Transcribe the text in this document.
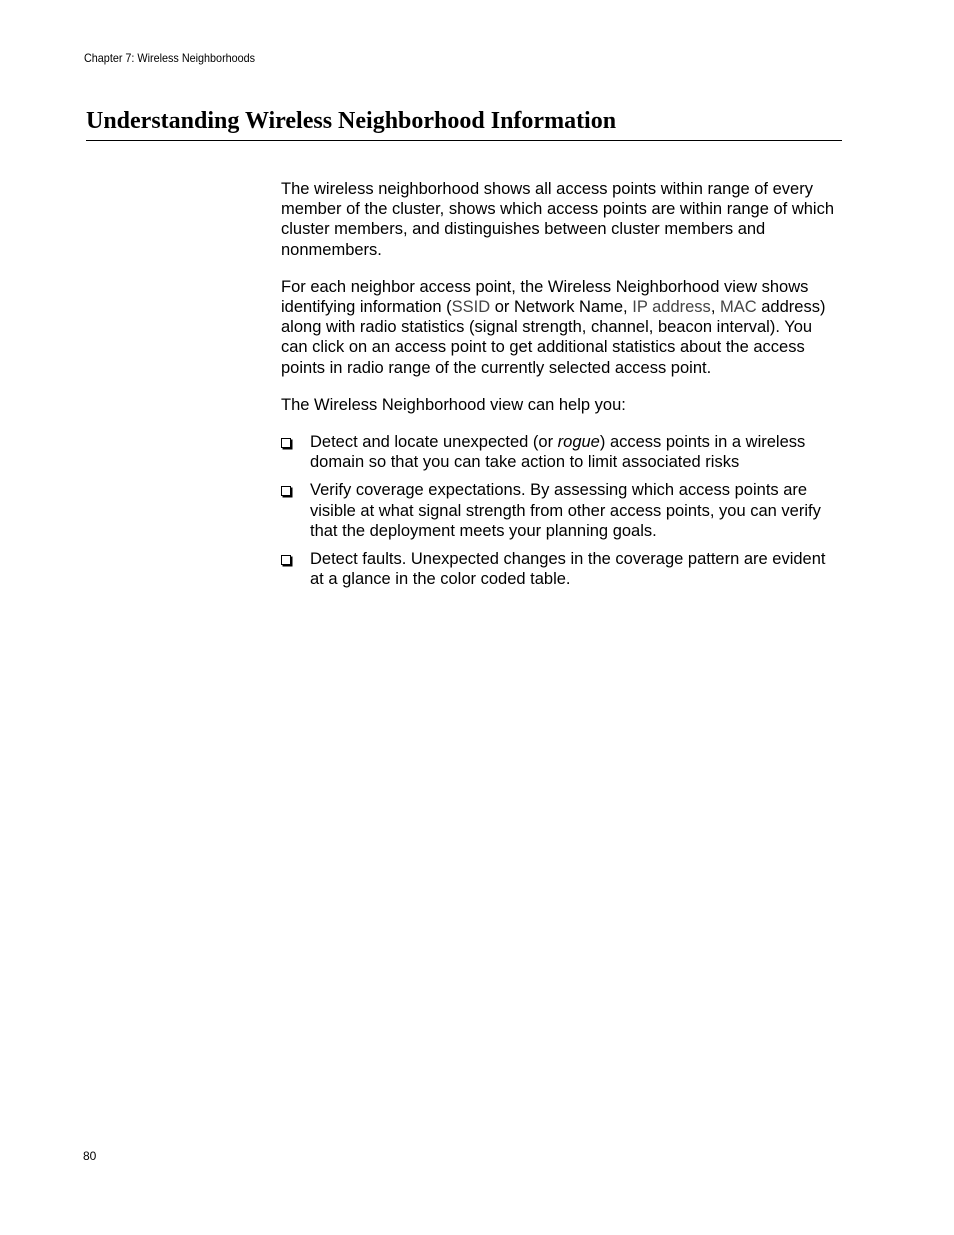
Chapter 7: Wireless Neighborhoods
Understanding Wireless Neighborhood Information

The wireless neighborhood shows all access points within range of every member of the cluster, shows which access points are within range of which cluster members, and distinguishes between cluster members and nonmembers.

For each neighbor access point, the Wireless Neighborhood view shows identifying information (SSID or Network Name, IP address, MAC address) along with radio statistics (signal strength, channel, beacon interval). You can click on an access point to get additional statistics about the access points in radio range of the currently selected access point.

The Wireless Neighborhood view can help you:

Detect and locate unexpected (or rogue) access points in a wireless domain so that you can take action to limit associated risks
Verify coverage expectations. By assessing which access points are visible at what signal strength from other access points, you can verify that the deployment meets your planning goals.
Detect faults. Unexpected changes in the coverage pattern are evident at a glance in the color coded table.
80
